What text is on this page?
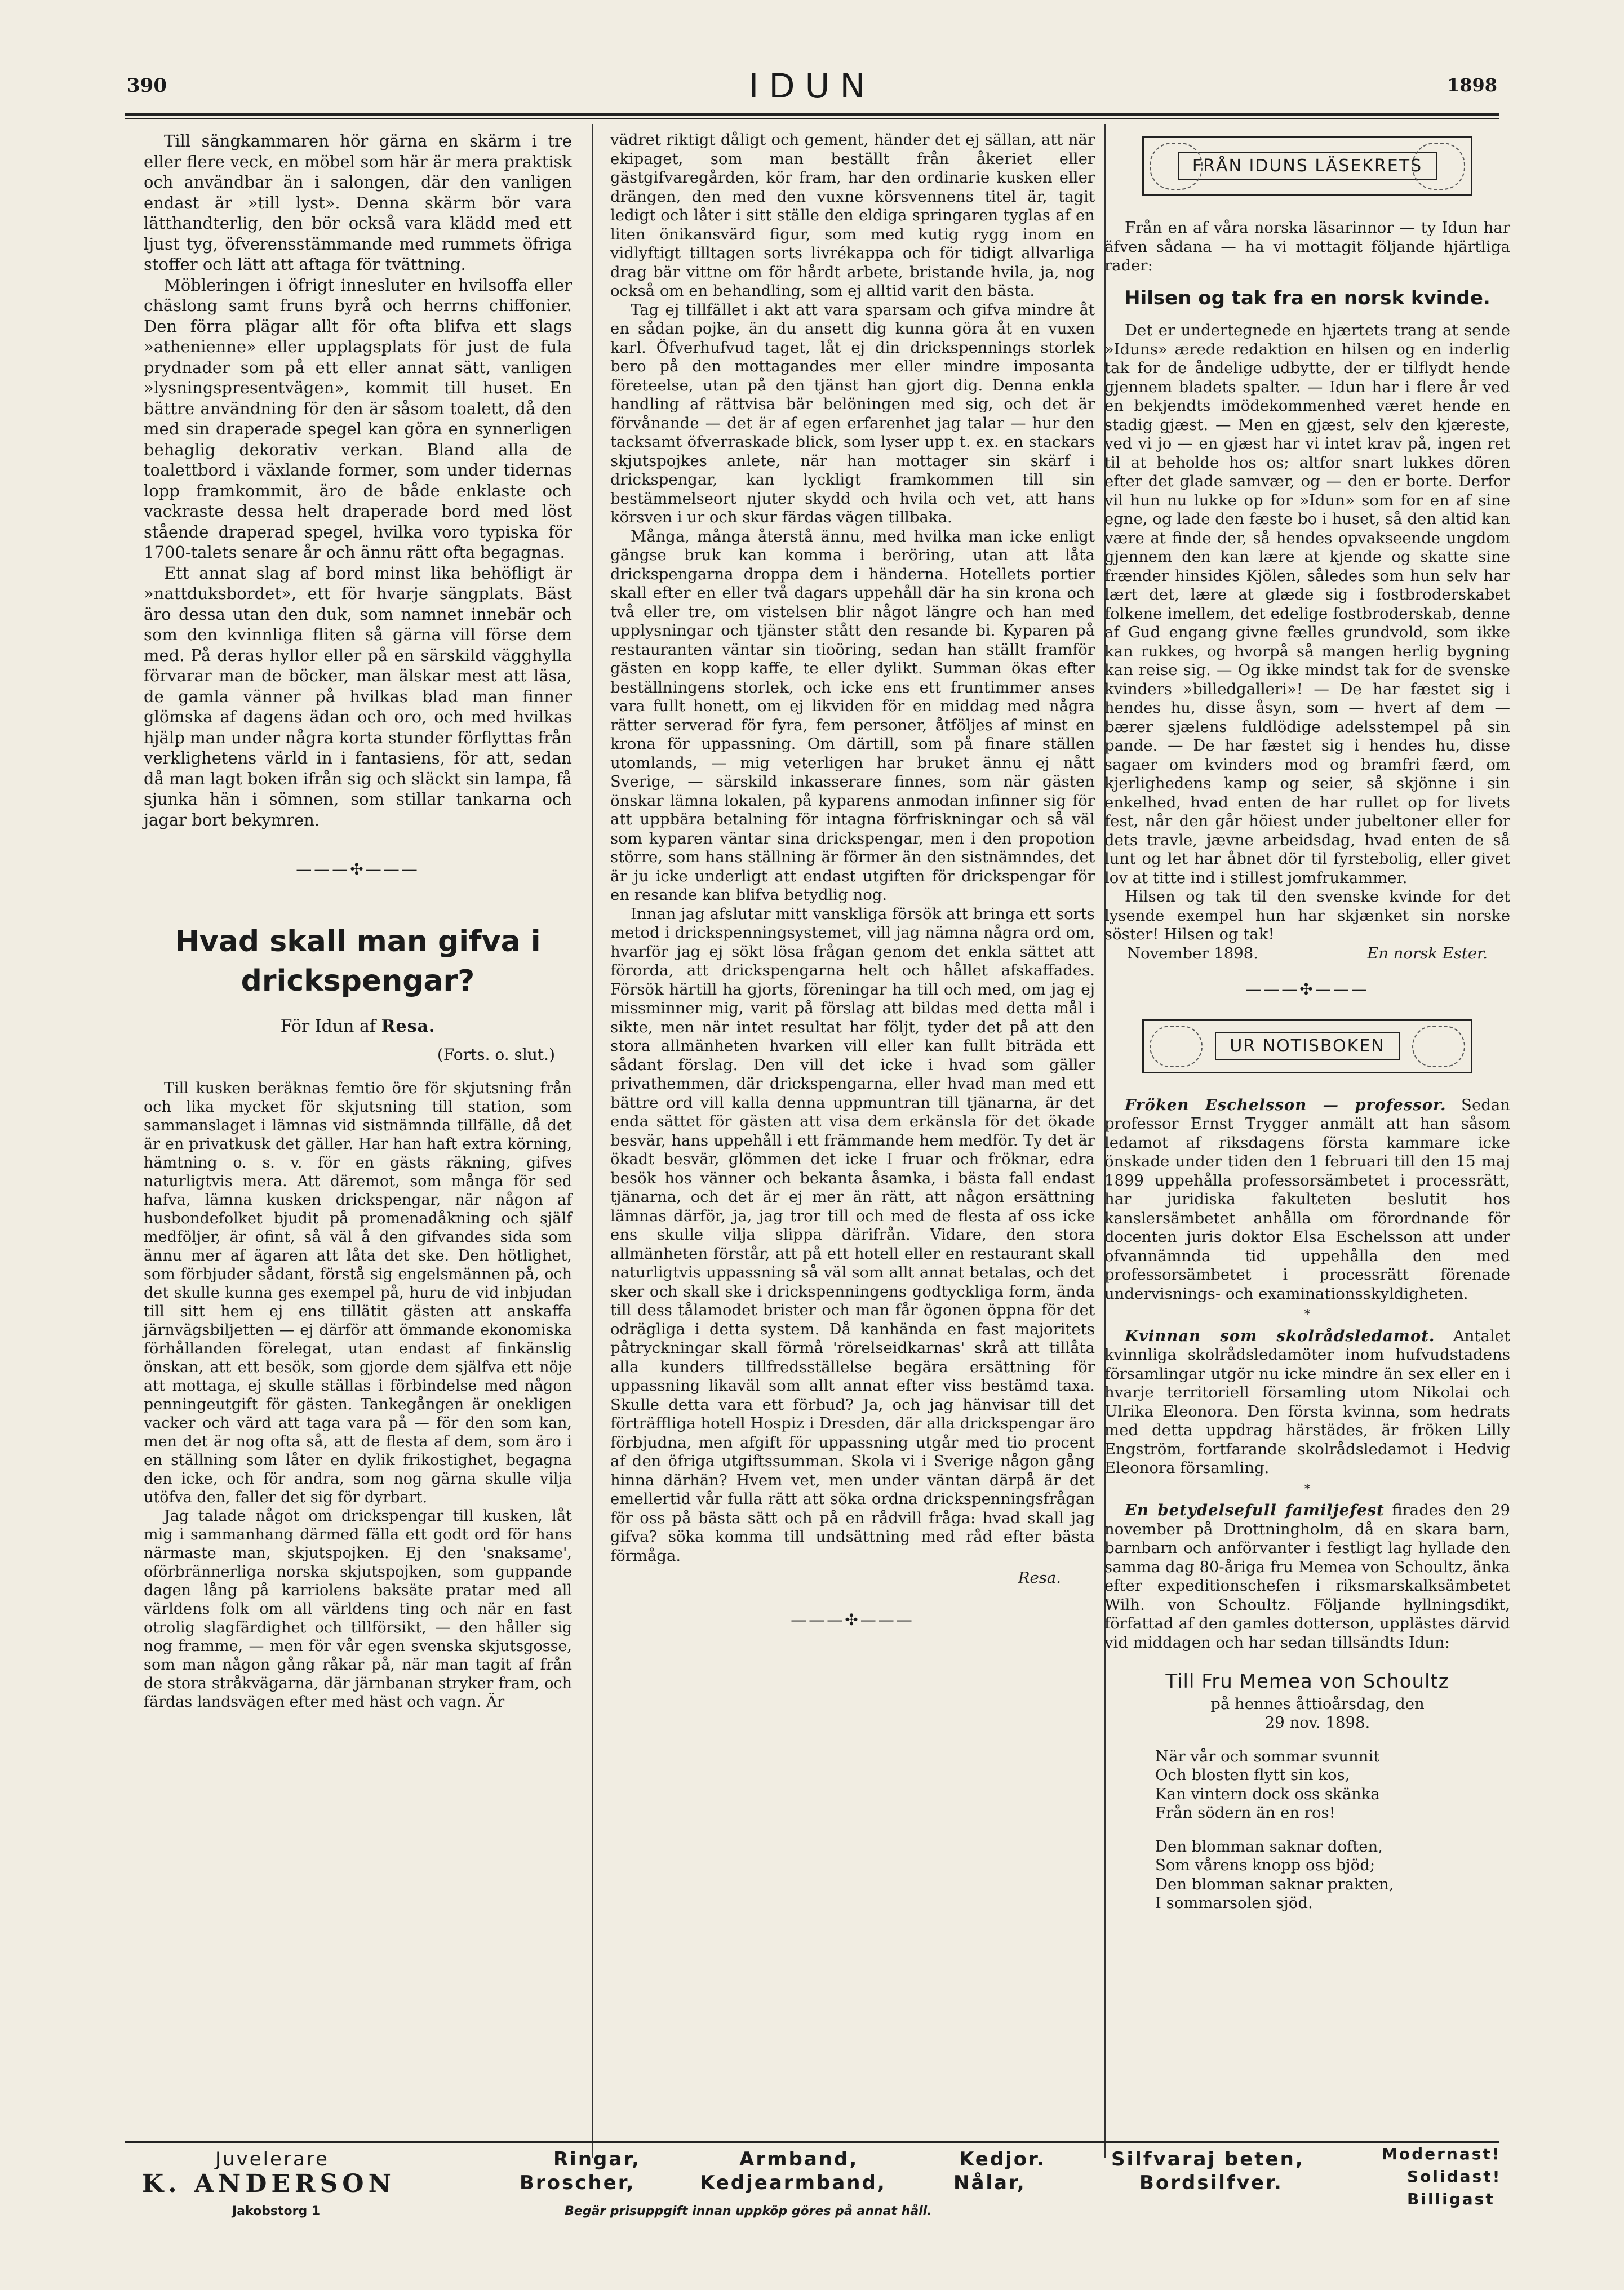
390	IDUN	1898

Till sängkammaren hör gärna en skärm i tre eller flere veck, en möbel som här är mera praktisk och användbar än i salongen, där den vanligen endast är »till lyst». Denna skärm bör vara lätthandterlig, den bör också vara klädd med ett ljust tyg, öfverensstämmande med rummets öfriga stoffer och lätt att aftaga för tvättning.

Möbleringen i öfrigt innesluter en hvilsoffa eller chäslong samt fruns byrå och herrns chiffonier. Den förra plägar allt för ofta blifva ett slags »athenienne» eller upplagsplats för just de fula prydnader som på ett eller annat sätt, vanligen »lysningspresentvägen», kommit till huset. En bättre användning för den är såsom toalett, då den med sin draperade spegel kan göra en synnerligen behaglig dekorativ verkan. Bland alla de toalettbord i växlande former, som under tidernas lopp framkommit, äro de både enklaste och vackraste dessa helt draperade bord med löst stående draperad spegel, hvilka voro typiska för 1700-talets senare år och ännu rätt ofta begagnas.

Ett annat slag af bord minst lika behöfligt är »nattduksbordet», ett för hvarje sängplats. Bäst äro dessa utan den duk, som namnet innebär och som den kvinnliga fliten så gärna vill förse dem med. På deras hyllor eller på en särskild vägghylla förvarar man de böcker, man älskar mest att läsa, de gamla vänner på hvilkas blad man finner glömska af dagens ädan och oro, och med hvilkas hjälp man under några korta stunder förflyttas från verklighetens värld in i fantasiens, för att, sedan då man lagt boken ifrån sig och släckt sin lampa, få sjunka hän i sömnen, som stillar tankarna och jagar bort bekymren.

———✣———
Hvad skall man gifva i drickspengar?
För Idun af Resa.
(Forts. o. slut.)

Till kusken beräknas femtio öre för skjutsning från och lika mycket för skjutsning till station, som sammanslaget i lämnas vid sistnämnda tillfälle, då det är en privatkusk det gäller. Har han haft extra körning, hämtning o. s. v. för en gästs räkning, gifves naturligtvis mera. Att däremot, som många för sed hafva, lämna kusken drickspengar, när någon af husbondefolket bjudit på promenadåkning och själf medföljer, är ofint, så väl å den gifvandes sida som ännu mer af ägaren att låta det ske. Den hötlighet, som förbjuder sådant, förstå sig engelsmännen på, och det skulle kunna ges exempel på, huru de vid inbjudan till sitt hem ej ens tillätit gästen att anskaffa järnvägsbiljetten — ej därför att ömmande ekonomiska förhållanden förelegat, utan endast af finkänslig önskan, att ett besök, som gjorde dem själfva ett nöje att mottaga, ej skulle ställas i förbindelse med någon penningeutgift för gästen. Tankegången är onekligen vacker och värd att taga vara på — för den som kan, men det är nog ofta så, att de flesta af dem, som äro i en ställning som låter en dylik frikostighet, begagna den icke, och för andra, som nog gärna skulle vilja utöfva den, faller det sig för dyrbart.

Jag talade något om drickspengar till kusken, låt mig i sammanhang därmed fälla ett godt ord för hans närmaste man, skjutspojken. Ej den 'snaksame', oförbrännerliga norska skjutspojken, som guppande dagen lång på karriolens baksäte pratar med all världens folk om all världens ting och när en fast otrolig slagfärdighet och tillförsikt, — den håller sig nog framme, — men för vår egen svenska skjutsgosse, som man någon gång råkar på, när man tagit af från de stora stråkvägarna, där järnbanan stryker fram, och färdas landsvägen efter med häst och vagn. Är

vädret riktigt dåligt och gement, händer det ej sällan, att när ekipaget, som man beställt från åkeriet eller gästgifvaregården, kör fram, har den ordinarie kusken eller drängen, den med den vuxne körsvennens titel är, tagit ledigt och låter i sitt ställe den eldiga springaren tyglas af en liten önikansvärd figur, som med kutig rygg inom en vidlyftigt tilltagen sorts livrékappa och för tidigt allvarliga drag bär vittne om för hårdt arbete, bristande hvila, ja, nog också om en behandling, som ej alltid varit den bästa.

Tag ej tillfället i akt att vara sparsam och gifva mindre åt en sådan pojke, än du ansett dig kunna göra åt en vuxen karl. Öfverhufvud taget, låt ej din drickspennings storlek bero på den mottagandes mer eller mindre imposanta företeelse, utan på den tjänst han gjort dig. Denna enkla handling af rättvisa bär belöningen med sig, och det är förvånande — det är af egen erfarenhet jag talar — hur den tacksamt öfverraskade blick, som lyser upp t. ex. en stackars skjutspojkes anlete, när han mottager sin skärf i drickspengar, kan lyckligt framkommen till sin bestämmelseort njuter skydd och hvila och vet, att hans körsven i ur och skur färdas vägen tillbaka.

Många, många återstå ännu, med hvilka man icke enligt gängse bruk kan komma i beröring, utan att låta drickspengarna droppa dem i händerna. Hotellets portier skall efter en eller två dagars uppehåll där ha sin krona och två eller tre, om vistelsen blir något längre och han med upplysningar och tjänster stått den resande bi. Kyparen på restauranten väntar sin tioöring, sedan han ställt framför gästen en kopp kaffe, te eller dylikt. Summan ökas efter beställningens storlek, och icke ens ett fruntimmer anses vara fullt honett, om ej likviden för en middag med några rätter serverad för fyra, fem personer, åtföljes af minst en krona för uppassning. Om därtill, som på finare ställen utomlands, — mig veterligen har bruket ännu ej nått Sverige, — särskild inkasserare finnes, som när gästen önskar lämna lokalen, på kyparens anmodan infinner sig för att uppbära betalning för intagna förfriskningar och så väl som kyparen väntar sina drickspengar, men i den propotion större, som hans ställning är förmer än den sistnämndes, det är ju icke underligt att endast utgiften för drickspengar för en resande kan blifva betydlig nog.

Innan jag afslutar mitt vanskliga försök att bringa ett sorts metod i drickspenningsystemet, vill jag nämna några ord om, hvarför jag ej sökt lösa frågan genom det enkla sättet att förorda, att drickspengarna helt och hållet afskaffades. Försök härtill ha gjorts, föreningar ha till och med, om jag ej missminner mig, varit på förslag att bildas med detta mål i sikte, men när intet resultat har följt, tyder det på att den stora allmänheten hvarken vill eller kan fullt biträda ett sådant förslag. Den vill det icke i hvad som gäller privathemmen, där drickspengarna, eller hvad man med ett bättre ord vill kalla denna uppmuntran till tjänarna, är det enda sättet för gästen att visa dem erkänsla för det ökade besvär, hans uppehåll i ett främmande hem medför. Ty det är ökadt besvär, glömmen det icke I fruar och fröknar, edra besök hos vänner och bekanta åsamka, i bästa fall endast tjänarna, och det är ej mer än rätt, att någon ersättning lämnas därför, ja, jag tror till och med de flesta af oss icke ens skulle vilja slippa därifrån. Vidare, den stora allmänheten förstår, att på ett hotell eller en restaurant skall naturligtvis uppassning så väl som allt annat betalas, och det sker och skall ske i drickspenningens godtyckliga form, ända till dess tålamodet brister och man får ögonen öppna för det odrägliga i detta system. Då kanhända en fast majoritets påtryckningar skall förmå 'rörelseidkarnas' skrå att tillåta alla kunders tillfredsställelse begära ersättning för uppassning likaväl som allt annat efter viss bestämd taxa. Skulle detta vara ett förbud? Ja, och jag hänvisar till det förträffliga hotell Hospiz i Dresden, där alla drickspengar äro förbjudna, men afgift för uppassning utgår med tio procent af den öfriga utgiftssumman. Skola vi i Sverige någon gång hinna därhän? Hvem vet, men under väntan därpå är det emellertid vår fulla rätt att söka ordna drickspenningsfrågan för oss på bästa sätt och på en rådvill fråga: hvad skall jag gifva? söka komma till undsättning med råd efter bästa förmåga.

Resa.
———✣———
FRÅN IDUNS LÄSEKRETS

Från en af våra norska läsarinnor — ty Idun har äfven sådana — ha vi mottagit följande hjärtliga rader:

Hilsen og tak fra en norsk kvinde.

Det er undertegnede en hjærtets trang at sende »Iduns» ærede redaktion en hilsen og en inderlig tak for de åndelige udbytte, der er tilflydt hende gjennem bladets spalter. — Idun har i flere år ved en bekjendts imödekommenhed været hende en stadig gjæst. — Men en gjæst, selv den kjæreste, ved vi jo — en gjæst har vi intet krav på, ingen ret til at beholde hos os; altfor snart lukkes dören efter det glade samvær, og — den er borte. Derfor vil hun nu lukke op for »Idun» som for en af sine egne, og lade den fæste bo i huset, så den altid kan være at finde der, så hendes opvakseende ungdom gjennem den kan lære at kjende og skatte sine frænder hinsides Kjölen, således som hun selv har lært det, lære at glæde sig i fostbroderskabet folkene imellem, det edelige fostbroderskab, denne af Gud engang givne fælles grundvold, som ikke kan rukkes, og hvorpå så mangen herlig bygning kan reise sig. — Og ikke mindst tak for de svenske kvinders »billedgalleri»! — De har fæstet sig i hendes hu, disse åsyn, som — hvert af dem — bærer sjælens fuldlödige adelsstempel på sin pande. — De har fæstet sig i hendes hu, disse sagaer om kvinders mod og bramfri færd, om kjerlighedens kamp og seier, så skjönne i sin enkelhed, hvad enten de har rullet op for livets fest, når den går höiest under jubeltoner eller for dets travle, jævne arbeidsdag, hvad enten de så lunt og let har åbnet dör til fyrstebolig, eller givet lov at titte ind i stillest jomfrukammer.

Hilsen og tak til den svenske kvinde for det lysende exempel hun har skjænket sin norske söster! Hilsen og tak!

November 1898.	En norsk Ester.
———✣———
UR NOTISBOKEN

Fröken Eschelsson — professor. Sedan professor Ernst Trygger anmält att han såsom ledamot af riksdagens första kammare icke önskade under tiden den 1 februari till den 15 maj 1899 uppehålla professorsämbetet i processrätt, har juridiska fakulteten beslutit hos kanslersämbetet anhålla om förordnande för docenten juris doktor Elsa Eschelsson att under ofvannämnda tid uppehålla den med professorsämbetet i processrätt förenade undervisnings- och examinationsskyldigheten.

*

Kvinnan som skolrådsledamot. Antalet kvinnliga skolrådsledamöter inom hufvudstadens församlingar utgör nu icke mindre än sex eller en i hvarje territoriell församling utom Nikolai och Ulrika Eleonora. Den första kvinna, som hedrats med detta uppdrag härstädes, är fröken Lilly Engström, fortfarande skolrådsledamot i Hedvig Eleonora församling.

*

En betydelsefull familjefest firades den 29 november på Drottningholm, då en skara barn, barnbarn och anförvanter i festligt lag hyllade den samma dag 80-åriga fru Memea von Schoultz, änka efter expeditionschefen i riksmarskalksämbetet Wilh. von Schoultz. Följande hyllningsdikt, författad af den gamles dotterson, upplästes därvid vid middagen och har sedan tillsändts Idun:

Till Fru Memea von Schoultz

på hennes åttioårsdag, den

29 nov. 1898.

När vår och sommar svunnit
Och blosten flytt sin kos,
Kan vintern dock oss skänka
Från södern än en ros!
Den blomman saknar doften,
Som vårens knopp oss bjöd;
Den blomman saknar prakten,
I sommarsolen sjöd.
Juvelerare
K. ANDERSON
Jakobstorg 1
Ringar,
Broscher,
Armband,
Kedjearmband,
Kedjor.
Nålar,
Begär prisuppgift innan uppköp göres på annat håll.
Silfvaraj beten,
Bordsilfver.
Modernast!
Solidast!
Billigast
